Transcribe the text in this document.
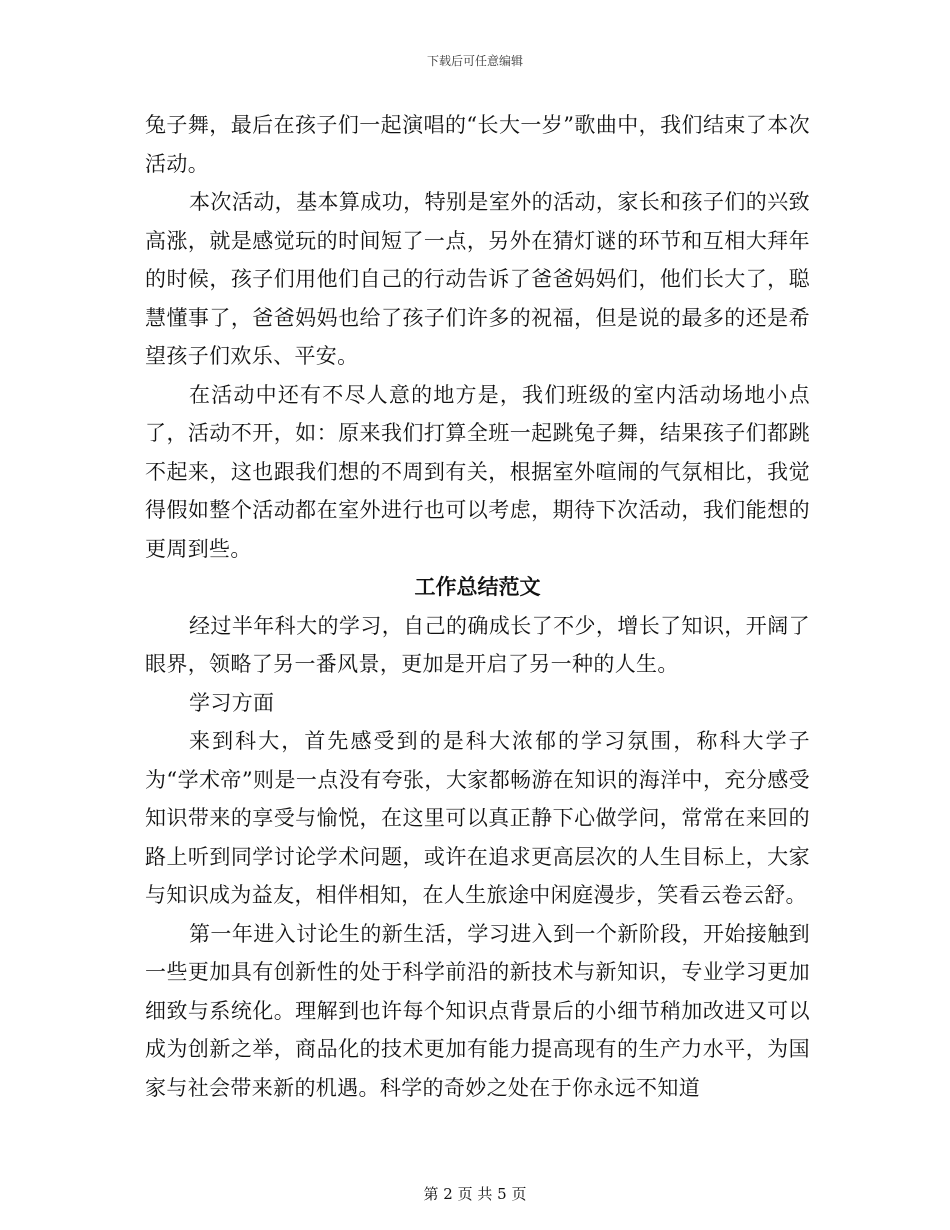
下载后可任意编辑

兔子舞，最后在孩子们一起演唱的“长大一岁”歌曲中，我们结束了本次活动。

本次活动，基本算成功，特别是室外的活动，家长和孩子们的兴致高涨，就是感觉玩的时间短了一点，另外在猜灯谜的环节和互相大拜年的时候，孩子们用他们自己的行动告诉了爸爸妈妈们，他们长大了，聪慧懂事了，爸爸妈妈也给了孩子们许多的祝福，但是说的最多的还是希望孩子们欢乐、平安。

在活动中还有不尽人意的地方是，我们班级的室内活动场地小点了，活动不开，如：原来我们打算全班一起跳兔子舞，结果孩子们都跳不起来，这也跟我们想的不周到有关，根据室外喧闹的气氛相比，我觉得假如整个活动都在室外进行也可以考虑，期待下次活动，我们能想的更周到些。

工作总结范文

经过半年科大的学习，自己的确成长了不少，增长了知识，开阔了眼界，领略了另一番风景，更加是开启了另一种的人生。

学习方面

来到科大，首先感受到的是科大浓郁的学习氛围，称科大学子为“学术帝”则是一点没有夸张，大家都畅游在知识的海洋中，充分感受知识带来的享受与愉悦，在这里可以真正静下心做学问，常常在来回的路上听到同学讨论学术问题，或许在追求更高层次的人生目标上，大家与知识成为益友，相伴相知，在人生旅途中闲庭漫步，笑看云卷云舒。

第一年进入讨论生的新生活，学习进入到一个新阶段，开始接触到一些更加具有创新性的处于科学前沿的新技术与新知识，专业学习更加细致与系统化。理解到也许每个知识点背景后的小细节稍加改进又可以成为创新之举，商品化的技术更加有能力提高现有的生产力水平，为国家与社会带来新的机遇。科学的奇妙之处在于你永远不知道

第 2 页 共 5 页
